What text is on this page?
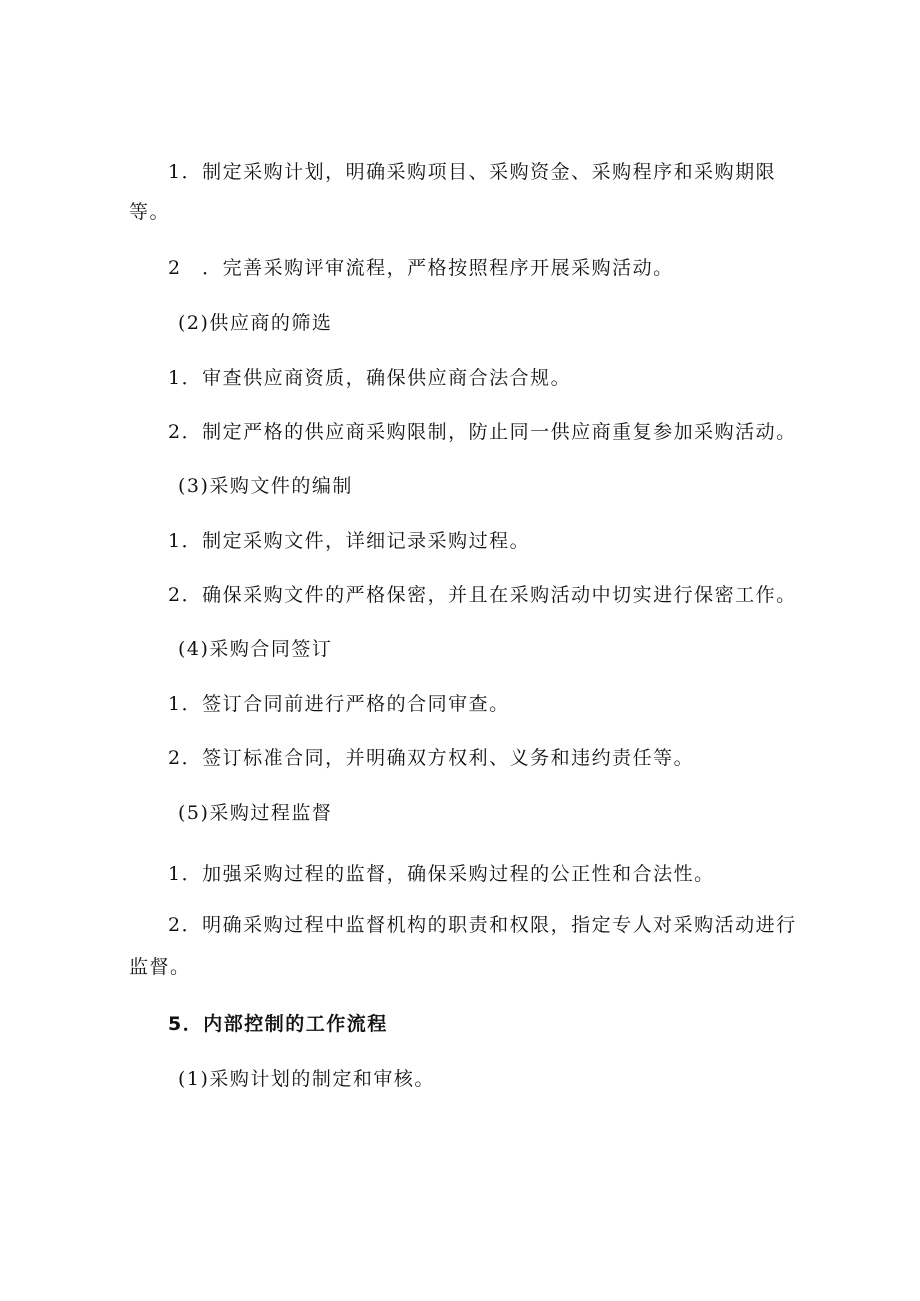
1．制定采购计划，明确采购项目、采购资金、采购程序和采购期限
等。
2　．完善采购评审流程，严格按照程序开展采购活动。
(2)供应商的筛选
1．审查供应商资质，确保供应商合法合规。
2．制定严格的供应商采购限制，防止同一供应商重复参加采购活动。
(3)采购文件的编制
1．制定采购文件，详细记录采购过程。
2．确保采购文件的严格保密，并且在采购活动中切实进行保密工作。
(4)采购合同签订
1．签订合同前进行严格的合同审查。
2．签订标准合同，并明确双方权利、义务和违约责任等。
(5)采购过程监督
1．加强采购过程的监督，确保采购过程的公正性和合法性。
2．明确采购过程中监督机构的职责和权限，指定专人对采购活动进行
监督。
5．内部控制的工作流程
(1)采购计划的制定和审核。
